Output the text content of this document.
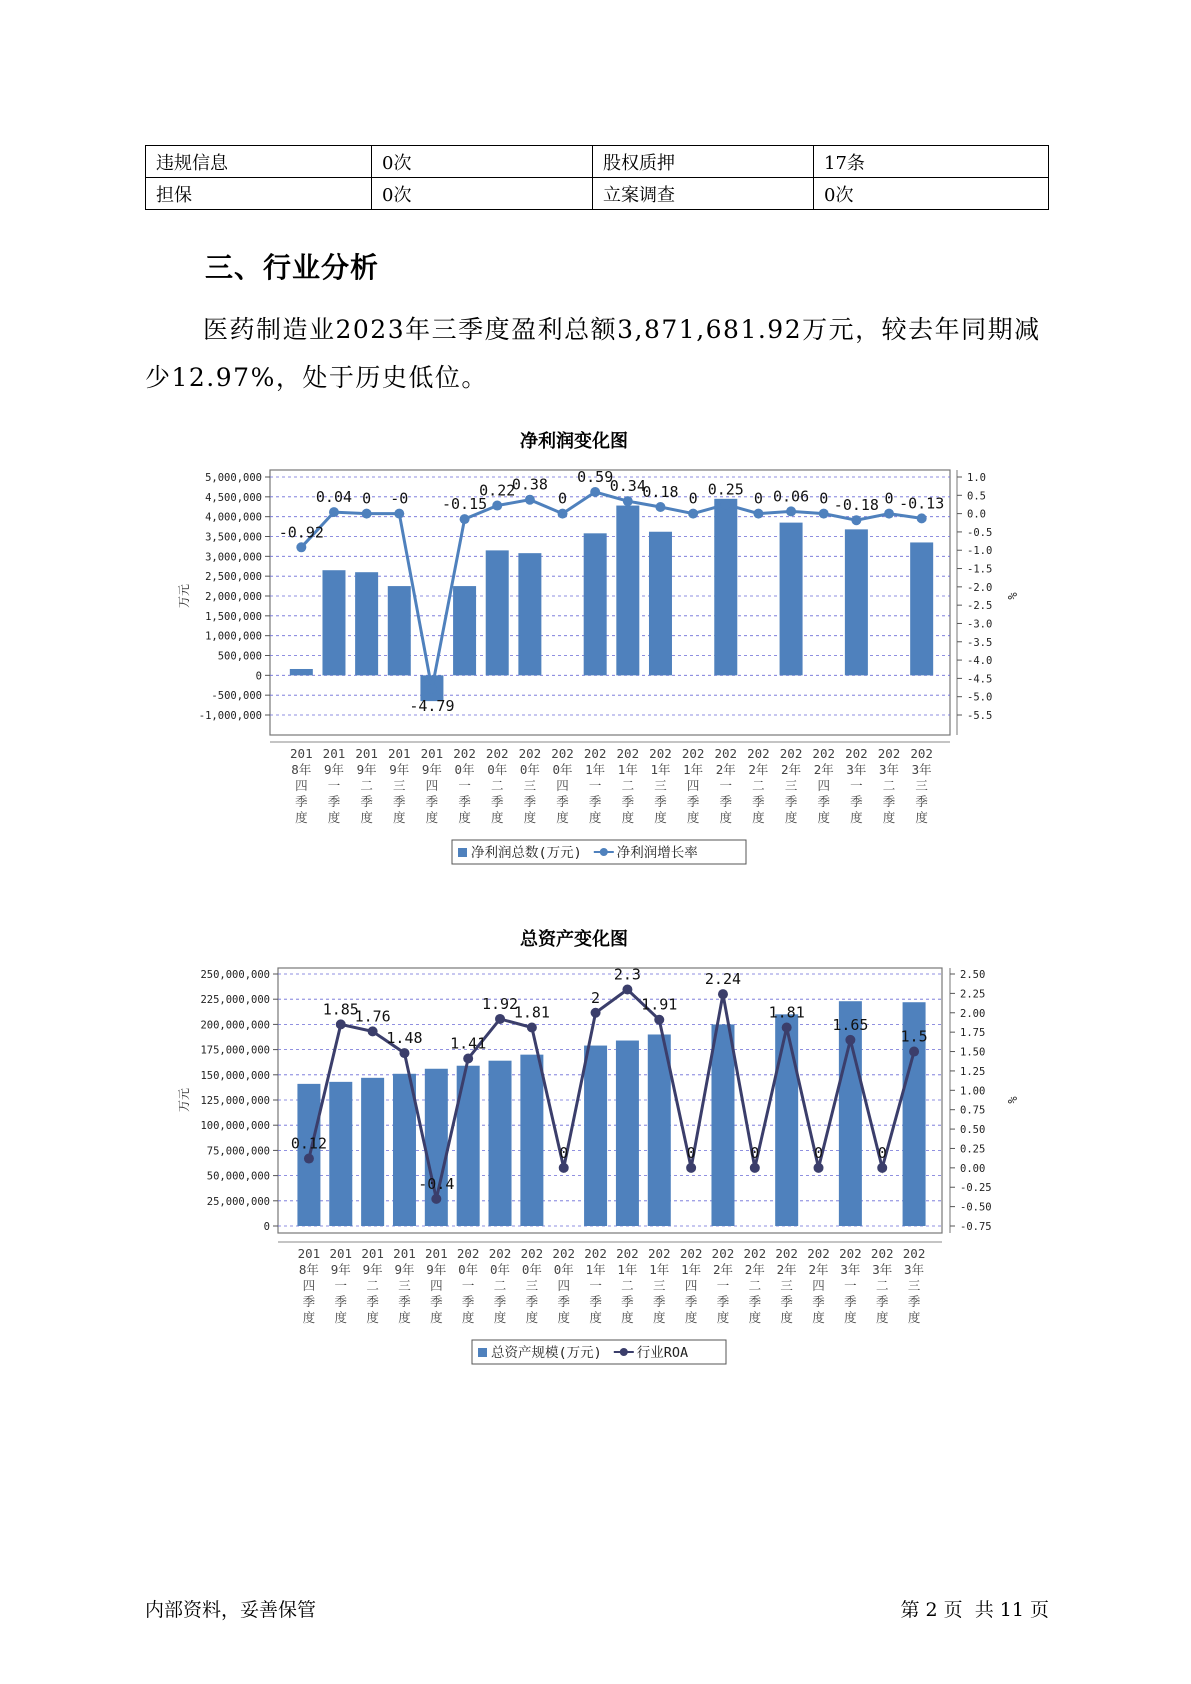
违规信息	0次	股权质押	17条
担保	0次	立案调查	0次
三、行业分析
医药制造业2023年三季度盈利总额3,871,681.92万元，较去年同期减
少12.97%，处于历史低位。
净利润变化图
5,000,000
4,500,000
4,000,000
3,500,000
3,000,000
2,500,000
2,000,000
1,500,000
1,000,000
500,000
0
-500,000
-1,000,000
1.0
0.5
0.0
-0.5
-1.0
-1.5
-2.0
-2.5
-3.0
-3.5
-4.0
-4.5
-5.0
-5.5
万元	%
-0.92
0.04 0 -0
-4.79
-0.15
0.22
0.38
0
0.59
0.34
0.18 0
0.25
0 0.06 0 -0.18 0 -0.13
201
8年
四
季
度
201
9年
一
季
度
201
9年
二
季
度
201
9年
三
季
度
201
9年
四
季
度
202
0年
一
季
度
202
0年
二
季
度
202
0年
三
季
度
202
0年
四
季
度
202
1年
一
季
度
202
1年
二
季
度
202
1年
三
季
度
202
1年
四
季
度
202
2年
一
季
度
202
2年
二
季
度
202
2年
三
季
度
202
2年
四
季
度
202
3年
一
季
度
202
3年
二
季
度
202
3年
三
季
度
净利润总数(万元)	净利润增长率
总资产变化图
250,000,000
225,000,000
200,000,000
175,000,000
150,000,000
125,000,000
100,000,000
75,000,000
50,000,000
25,000,000
0
2.50
2.25
2.00
1.75
1.50
1.25
1.00
0.75
0.50
0.25
0.00
-0.25
-0.50
-0.75
万元	%
0.12
1.85
1.76
1.48
-0.4
1.41
1.92
1.81
0
2
2.3
1.91
0
2.24
0
1.81
0
1.65
0
1.5
201
8年
四
季
度
201
9年
一
季
度
201
9年
二
季
度
201
9年
三
季
度
201
9年
四
季
度
202
0年
一
季
度
202
0年
二
季
度
202
0年
三
季
度
202
0年
四
季
度
202
1年
一
季
度
202
1年
二
季
度
202
1年
三
季
度
202
1年
四
季
度
202
2年
一
季
度
202
2年
二
季
度
202
2年
三
季
度
202
2年
四
季
度
202
3年
一
季
度
202
3年
二
季
度
202
3年
三
季
度
总资产规模(万元)	行业ROA
内部资料，妥善保管	第 2 页  共 11 页
